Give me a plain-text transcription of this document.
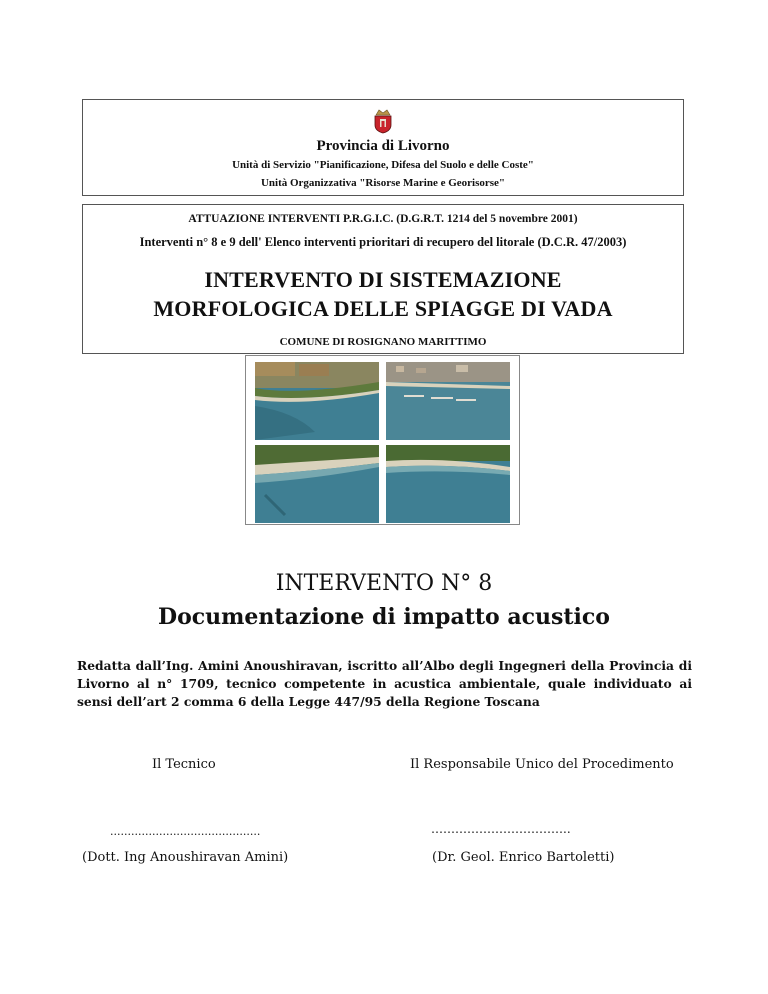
Provincia di Livorno
Unità di Servizio "Pianificazione, Difesa del Suolo e delle Coste"
Unità Organizzativa "Risorse Marine e Georisorse"
ATTUAZIONE INTERVENTI P.R.G.I.C. (D.G.R.T. 1214 del 5 novembre 2001)
Interventi n° 8 e 9 dell' Elenco interventi prioritari di recupero del litorale (D.C.R. 47/2003)
INTERVENTO DI SISTEMAZIONE
MORFOLOGICA DELLE SPIAGGE DI VADA
COMUNE DI ROSIGNANO MARITTIMO
INTERVENTO N° 8
Documentazione di impatto acustico
Redatta dall’Ing. Amini Anoushiravan, iscritto all’Albo degli Ingegneri della Provincia di Livorno al n° 1709, tecnico competente in acustica ambientale, quale individuato ai sensi dell’art 2 comma 6 della Legge 447/95 della Regione Toscana
Il Tecnico	Il Responsabile Unico del Procedimento
...........................................	……………………………..
(Dott. Ing Anoushiravan Amini)	(Dr. Geol. Enrico Bartoletti)
